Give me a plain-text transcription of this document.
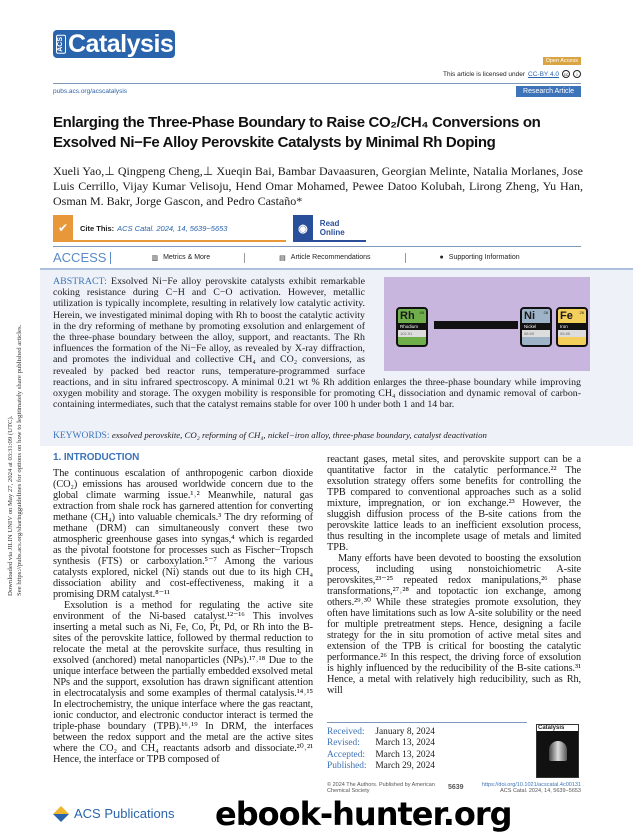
Downloaded via JILIN UNIV on May 27, 2024 at 03:31:09 (UTC). See https://pubs.acs.org/sharingguidelines for options on how to legitimately share published articles.
ACS Catalysis
Open Access
This article is licensed under CC-BY 4.0	cc	i
pubs.acs.org/acscatalysis	Research Article
Enlarging the Three-Phase Boundary to Raise CO₂/CH₄ Conversions on Exsolved Ni−Fe Alloy Perovskite Catalysts by Minimal Rh Doping
Xueli Yao,⊥ Qingpeng Cheng,⊥ Xueqin Bai, Bambar Davaasuren, Georgian Melinte, Natalia Morlanes, Jose Luis Cerrillo, Vijay Kumar Velisoju, Hend Omar Mohamed, Pewee Datoo Kolubah, Lirong Zheng, Yu Han, Osman M. Bakr, Jorge Gascon, and Pedro Castaño*
✔	Cite This: ACS Catal. 2024, 14, 5639−5653	◉	Read Online
ACCESS	▥ Metrics & More	▤ Article Recommendations	● Supporting Information
45
Rh
Rhodium
102.91
28
Ni
Nickel
58.69
26
Fe
Iron
55.85
ABSTRACT: Exsolved Ni−Fe alloy perovskite catalysts exhibit remarkable coking resistance during C−H and C−O activation. However, metallic utilization is typically incomplete, resulting in relatively low catalytic activity. Herein, we investigated minimal doping with Rh to boost the catalytic activity in the dry reforming of methane by promoting exsolution and enlargement of the three-phase boundary between the alloy, support, and reactants. The Rh influences the formation of the Ni−Fe alloy, as revealed by X-ray diffraction, and promotes the individual and collective CH₄ and CO₂ conversions, as revealed by packed bed reactor runs, temperature-programmed surface reactions, and in situ infrared spectroscopy. A minimal 0.21 wt % Rh addition enlarges the three-phase boundary while improving oxygen mobility and storage. The oxygen mobility is responsible for promoting CH₄ dissociation and dynamic removal of carbon-containing intermediates, such that the catalyst remains stable for over 100 h under both 1 and 14 bar.
KEYWORDS: exsolved perovskite, CO₂ reforming of CH₄, nickel−iron alloy, three-phase boundary, catalyst deactivation
1. INTRODUCTION

The continuous escalation of anthropogenic carbon dioxide (CO₂) emissions has aroused worldwide concern due to the global climate warming issue.¹˒² Meanwhile, natural gas extraction from shale rock has garnered attention for converting methane (CH₄) into valuable chemicals.³ The dry reforming of methane (DRM) can simultaneously convert these two atmospheric greenhouse gases into syngas,⁴ which is regarded as the pivotal footstone for processes such as Fischer−Tropsch synthesis (FTS) or carboxylation.⁵⁻⁷ Among the various catalysts explored, nickel (Ni) stands out due to its high CH₄ dissociation ability and cost-effectiveness, making it a promising DRM catalyst.⁸⁻¹¹

Exsolution is a method for regulating the active site environment of the Ni-based catalyst.¹²⁻¹⁶ This involves inserting a metal such as Ni, Fe, Co, Pt, Pd, or Rh into the B-sites of the perovskite lattice, followed by thermal reduction to relocate the metal at the perovskite surface, thus resulting in exsolved (anchored) metal nanoparticles (NPs).¹⁷˒¹⁸ Due to the unique interface between the partially embedded exsolved metal NPs and the support, exsolution has drawn significant attention in electrocatalysis and some examples of thermal catalysis.¹⁴˒¹⁵ In electrochemistry, the unique interface where the gas reactant, ionic conductor, and electronic conductor interact is termed the triple-phase boundary (TPB).¹⁶˒¹⁹ In DRM, the interfaces between the redox support and the metal are the active sites where the CO₂ and CH₄ reactants adsorb and dissociate.²⁰˒²¹ Hence, the interface or TPB composed of

reactant gases, metal sites, and perovskite support can be a quantitative factor in the catalytic performance.²² The exsolution strategy offers some benefits for controlling the TPB compared to conventional approaches such as a solid mixture, impregnation, or ion exchange.²³ However, the sluggish diffusion process of the B-site cations from the perovskite lattice leads to an inefficient exsolution process, thus resulting in the incomplete usage of metals and limited TPB.

Many efforts have been devoted to boosting the exsolution process, including using nonstoichiometric A-site perovskites,²³⁻²⁵ repeated redox manipulations,²⁶ phase transformations,²⁷˒²⁸ and topotactic ion exchange, among others.²⁹˒³⁰ While these strategies promote exsolution, they often have limitations such as low A-site solubility or the need for multiple pretreatment steps. Hence, designing a facile strategy for the in situ promotion of active metal sites and extension of the TPB is critical for boosting the catalytic performance.²⁶ In this respect, the driving force of exsolution is highly influenced by the reducibility of the B-site cations.³¹ Hence, a metal with relatively high reducibility, such as Rh, will

Received: January 8, 2024
Revised: March 13, 2024
Accepted: March 13, 2024
Published: March 29, 2024
Catalysis
© 2024 The Authors. Published by American Chemical Society	5639	https://doi.org/10.1021/acscatal.4c00131
ACS Catal. 2024, 14, 5639−5653
ACS Publications ebook-hunter.org
